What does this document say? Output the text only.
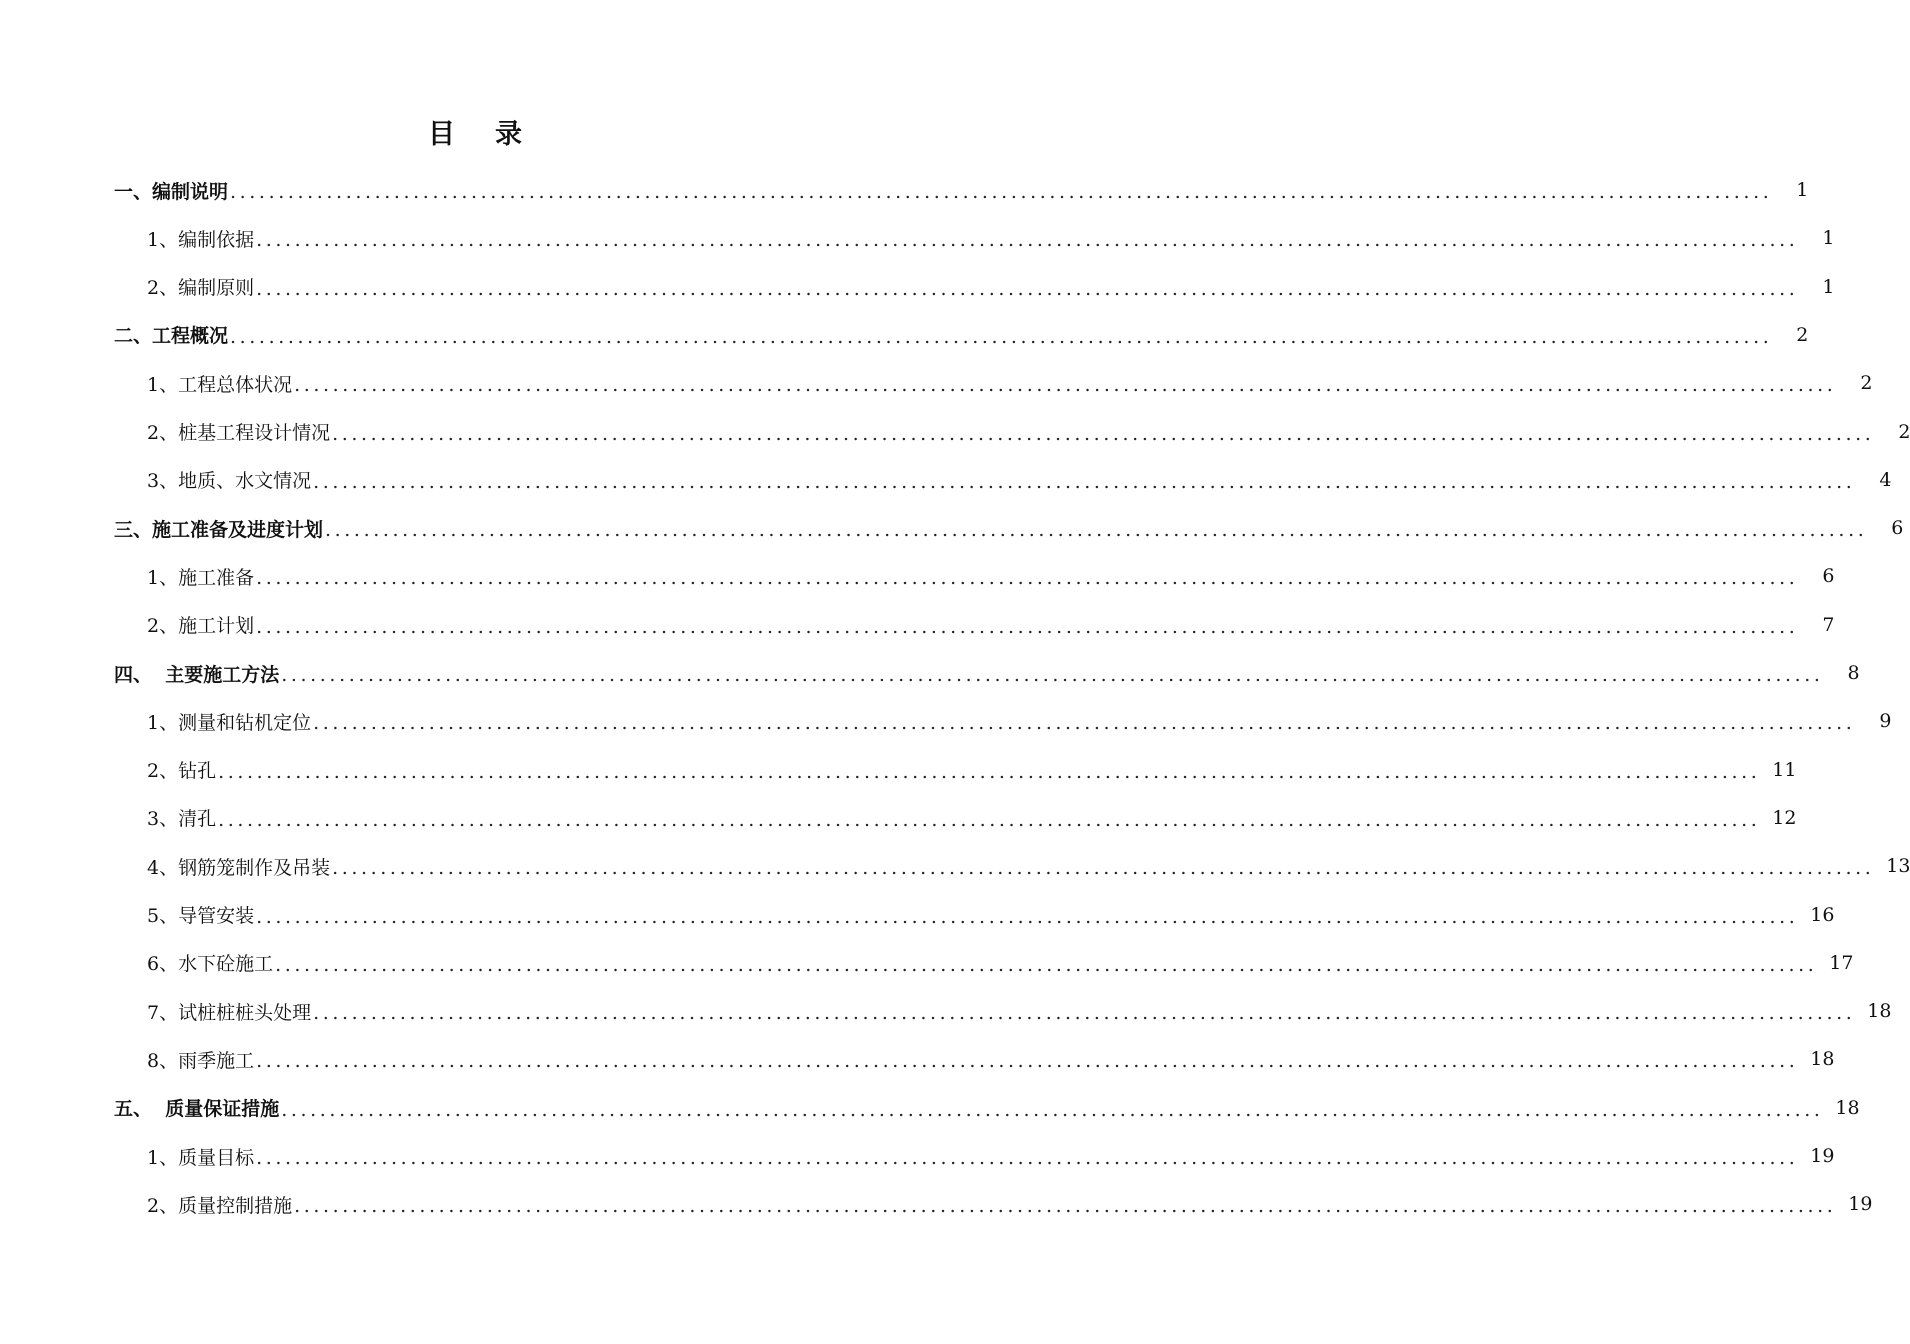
目 录
一、编制说明 ................................................................................................................................................................	1
1、编制依据 ................................................................................................................................................................	1
2、编制原则 ................................................................................................................................................................	1
二、工程概况 ................................................................................................................................................................	2
1、工程总体状况 ................................................................................................................................................................	2
2、桩基工程设计情况 ................................................................................................................................................................	2
3、地质、水文情况 ................................................................................................................................................................	4
三、施工准备及进度计划 ................................................................................................................................................................	6
1、施工准备 ................................................................................................................................................................	6
2、施工计划 ................................................................................................................................................................	7
四、  主要施工方法 ................................................................................................................................................................	8
1、测量和钻机定位 ................................................................................................................................................................	9
2、钻孔 ................................................................................................................................................................ 11
3、清孔 ................................................................................................................................................................ 12
4、钢筋笼制作及吊装 ................................................................................................................................................................ 13
5、导管安装 ................................................................................................................................................................ 16
6、水下砼施工 ................................................................................................................................................................ 17
7、试桩桩桩头处理 ................................................................................................................................................................ 18
8、雨季施工 ................................................................................................................................................................ 18
五、  质量保证措施 ................................................................................................................................................................ 18
1、质量目标 ................................................................................................................................................................ 19
2、质量控制措施 ................................................................................................................................................................ 19
